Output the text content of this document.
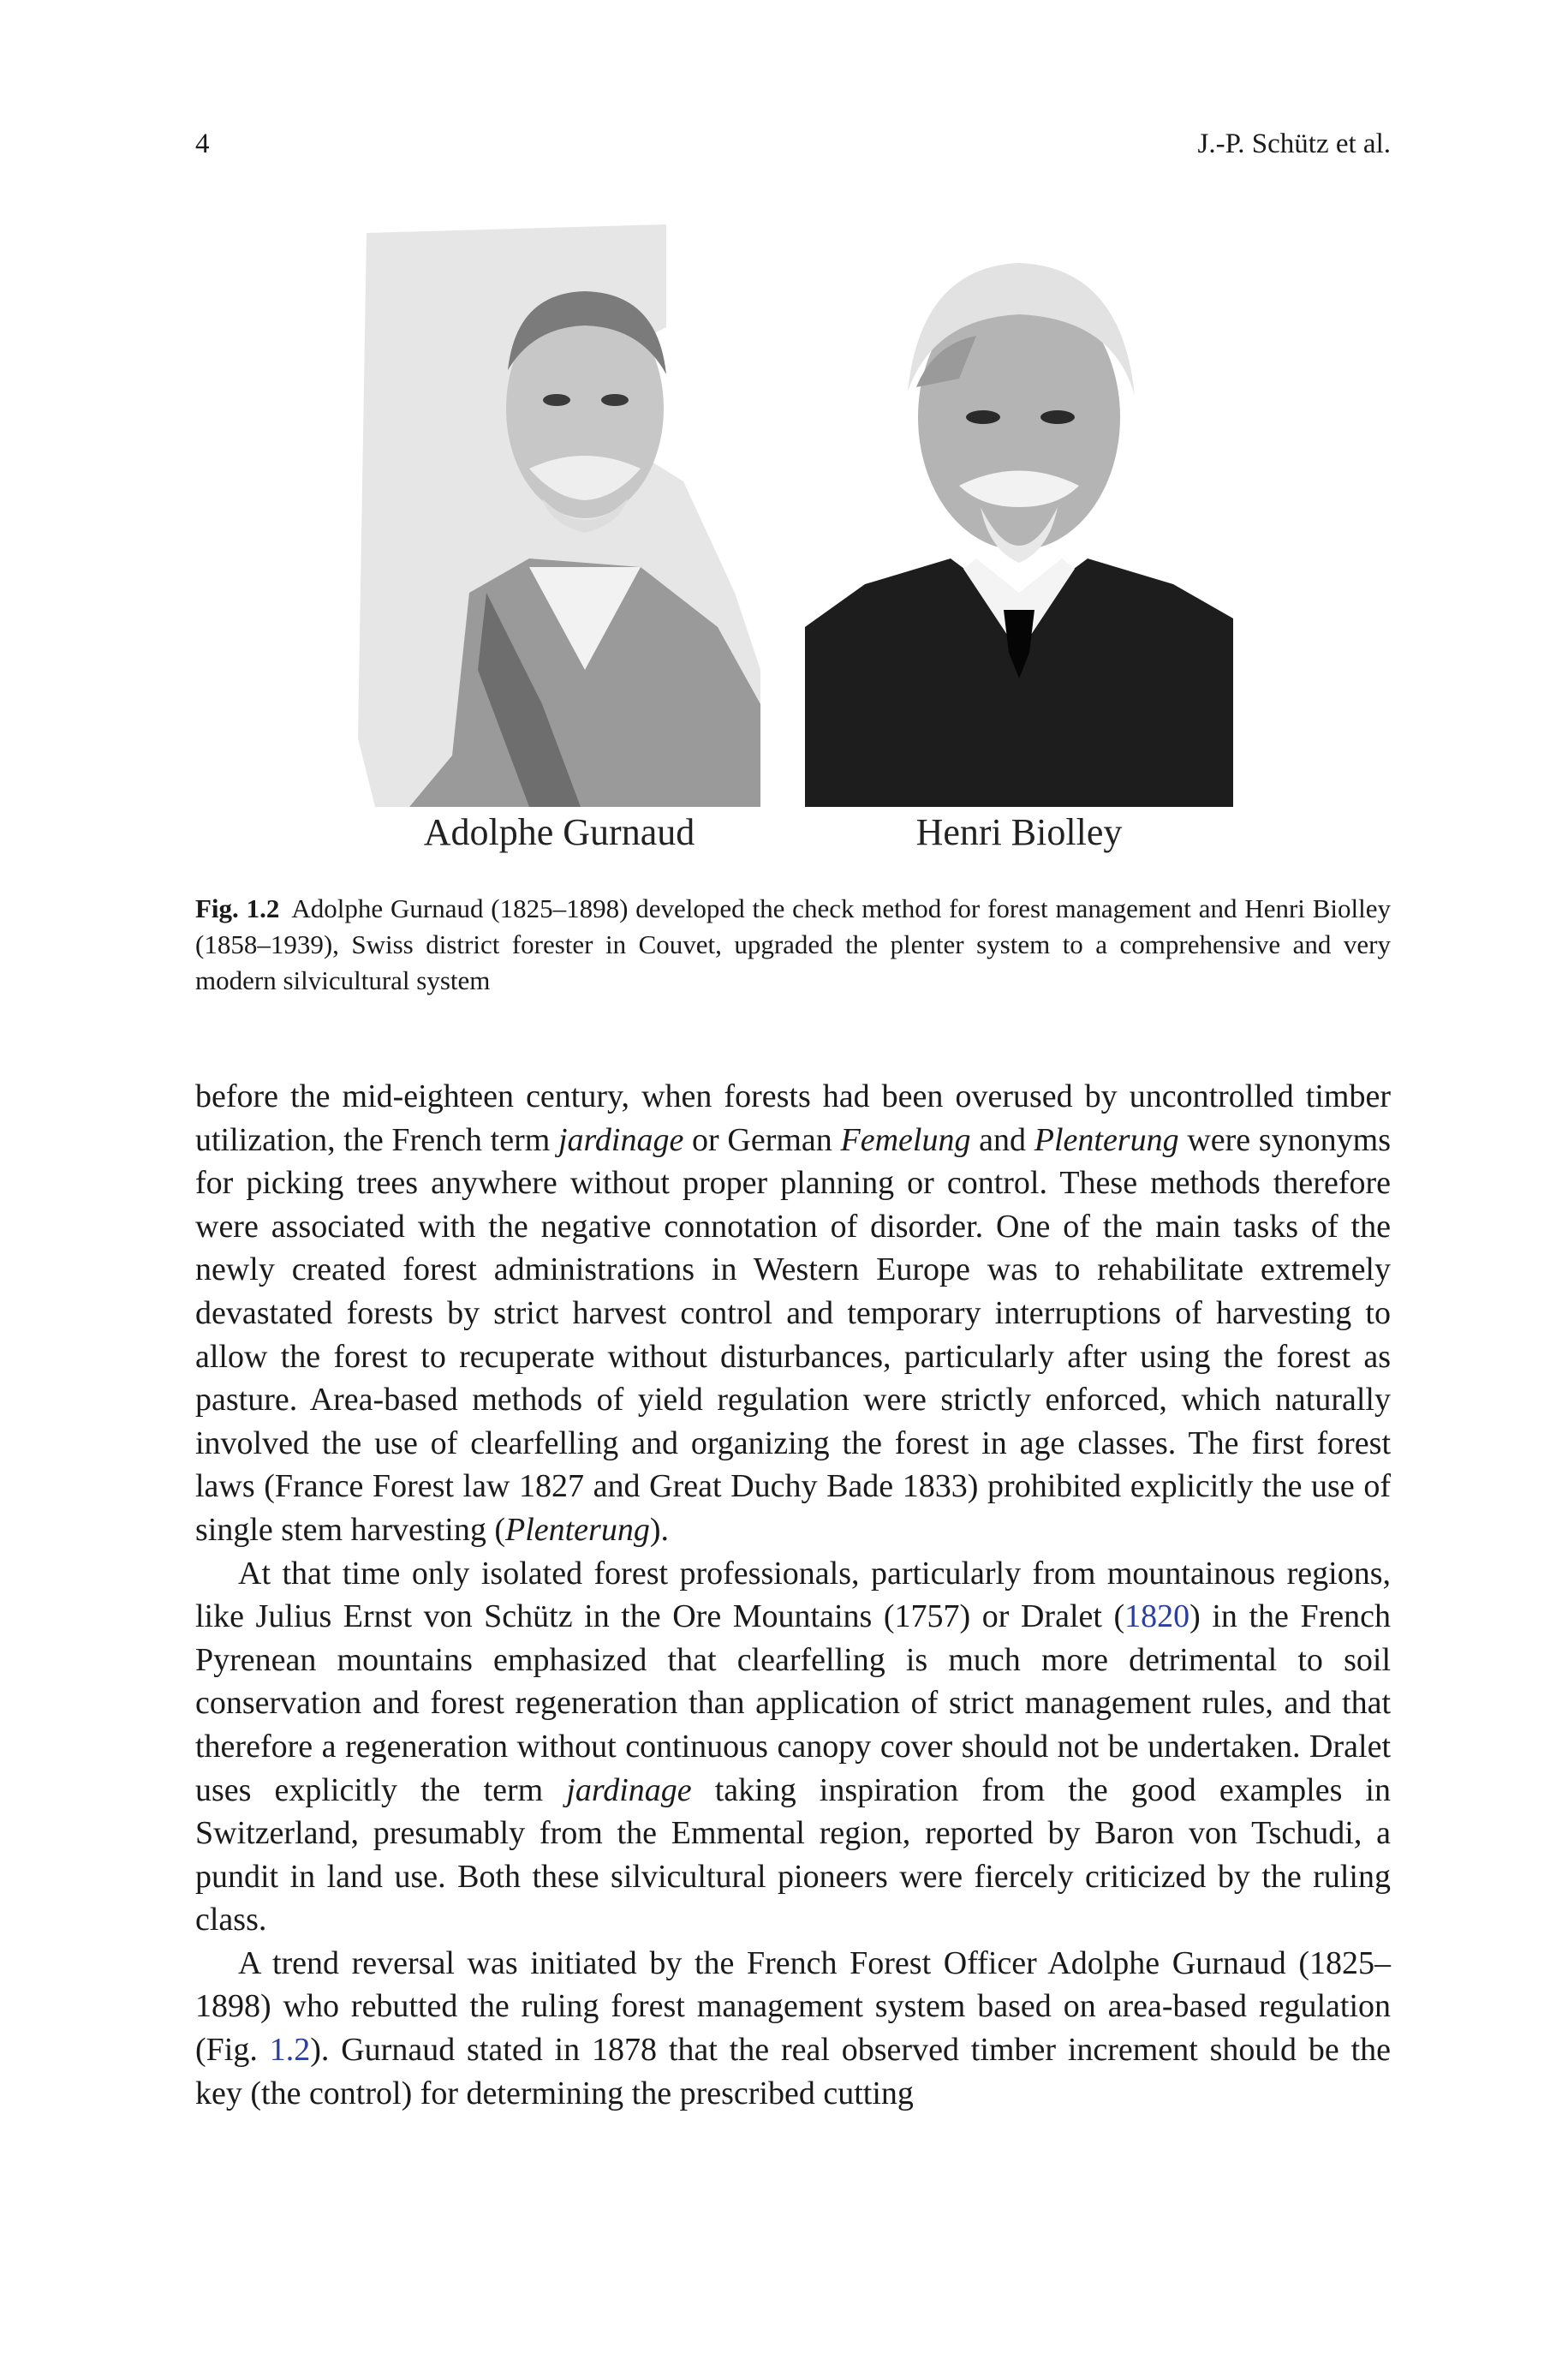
4	J.-P. Schütz et al.
Adolphe Gurnaud	Henri Biolley
Fig. 1.2 Adolphe Gurnaud (1825–1898) developed the check method for forest management and Henri Biolley (1858–1939), Swiss district forester in Couvet, upgraded the plenter system to a comprehensive and very modern silvicultural system

before the mid-eighteen century, when forests had been overused by uncontrolled timber utilization, the French term jardinage or German Femelung and Plenterung were synonyms for picking trees anywhere without proper planning or control. These methods therefore were associated with the negative connotation of disorder. One of the main tasks of the newly created forest administrations in Western Europe was to rehabilitate extremely devastated forests by strict harvest control and temporary interruptions of harvesting to allow the forest to recuperate without disturbances, particularly after using the forest as pasture. Area-based methods of yield regulation were strictly enforced, which naturally involved the use of clearfelling and organizing the forest in age classes. The first forest laws (France Forest law 1827 and Great Duchy Bade 1833) prohibited explicitly the use of single stem harvesting (Plenterung).

At that time only isolated forest professionals, particularly from mountainous regions, like Julius Ernst von Schütz in the Ore Mountains (1757) or Dralet (1820) in the French Pyrenean mountains emphasized that clearfelling is much more detrimental to soil conservation and forest regeneration than application of strict management rules, and that therefore a regeneration without continuous canopy cover should not be undertaken. Dralet uses explicitly the term jardinage taking inspiration from the good examples in Switzerland, presumably from the Emmental region, reported by Baron von Tschudi, a pundit in land use. Both these silvicultural pioneers were fiercely criticized by the ruling class.

A trend reversal was initiated by the French Forest Officer Adolphe Gurnaud (1825–1898) who rebutted the ruling forest management system based on area-based regulation (Fig. 1.2). Gurnaud stated in 1878 that the real observed timber increment should be the key (the control) for determining the prescribed cutting
